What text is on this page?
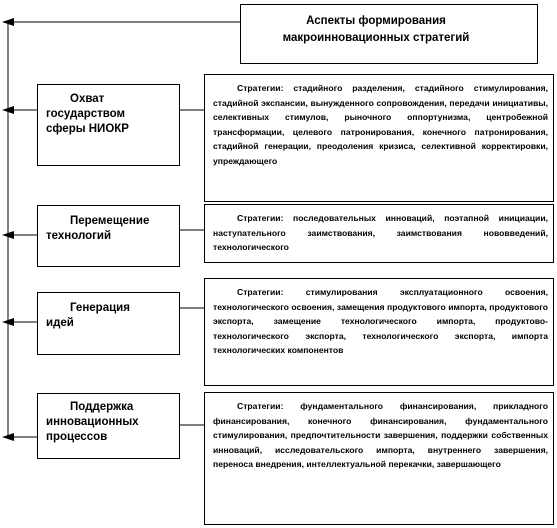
Аспекты формирования макроинновационных стратегий
Охват государством сферы НИОКР
Стратегии: стадийного разделения, стадийного стимулирования, стадийной экспансии, вынужденного сопровождения, передачи инициативы, селективных стимулов, рыночного оппортунизма, центробежной трансформации, целевого патронирования, конечного патронирования, стадийной генерации, преодоления кризиса, селективной корректировки, упреждающего
Перемещение технологий
Стратегии: последовательных инноваций, поэтапной инициации, наступательного заимствования, заимствования нововведений, технологического
Генерация идей
Стратегии: стимулирования эксплуатационного освоения, технологического освоения, замещения продуктового импорта, продуктового экспорта, замещение технологического импорта, продуктово-технологического экспорта, технологического экспорта, импорта технологических компонентов
Поддержка инновационных процессов
Стратегии: фундаментального финансирования, прикладного финансирования, конечного финансирования, фундаментального стимулирования, предпочтительности завершения, поддержки собственных инноваций, исследовательского импорта, внутреннего завершения, переноса внедрения, интеллектуальной перекачки, завершающего
